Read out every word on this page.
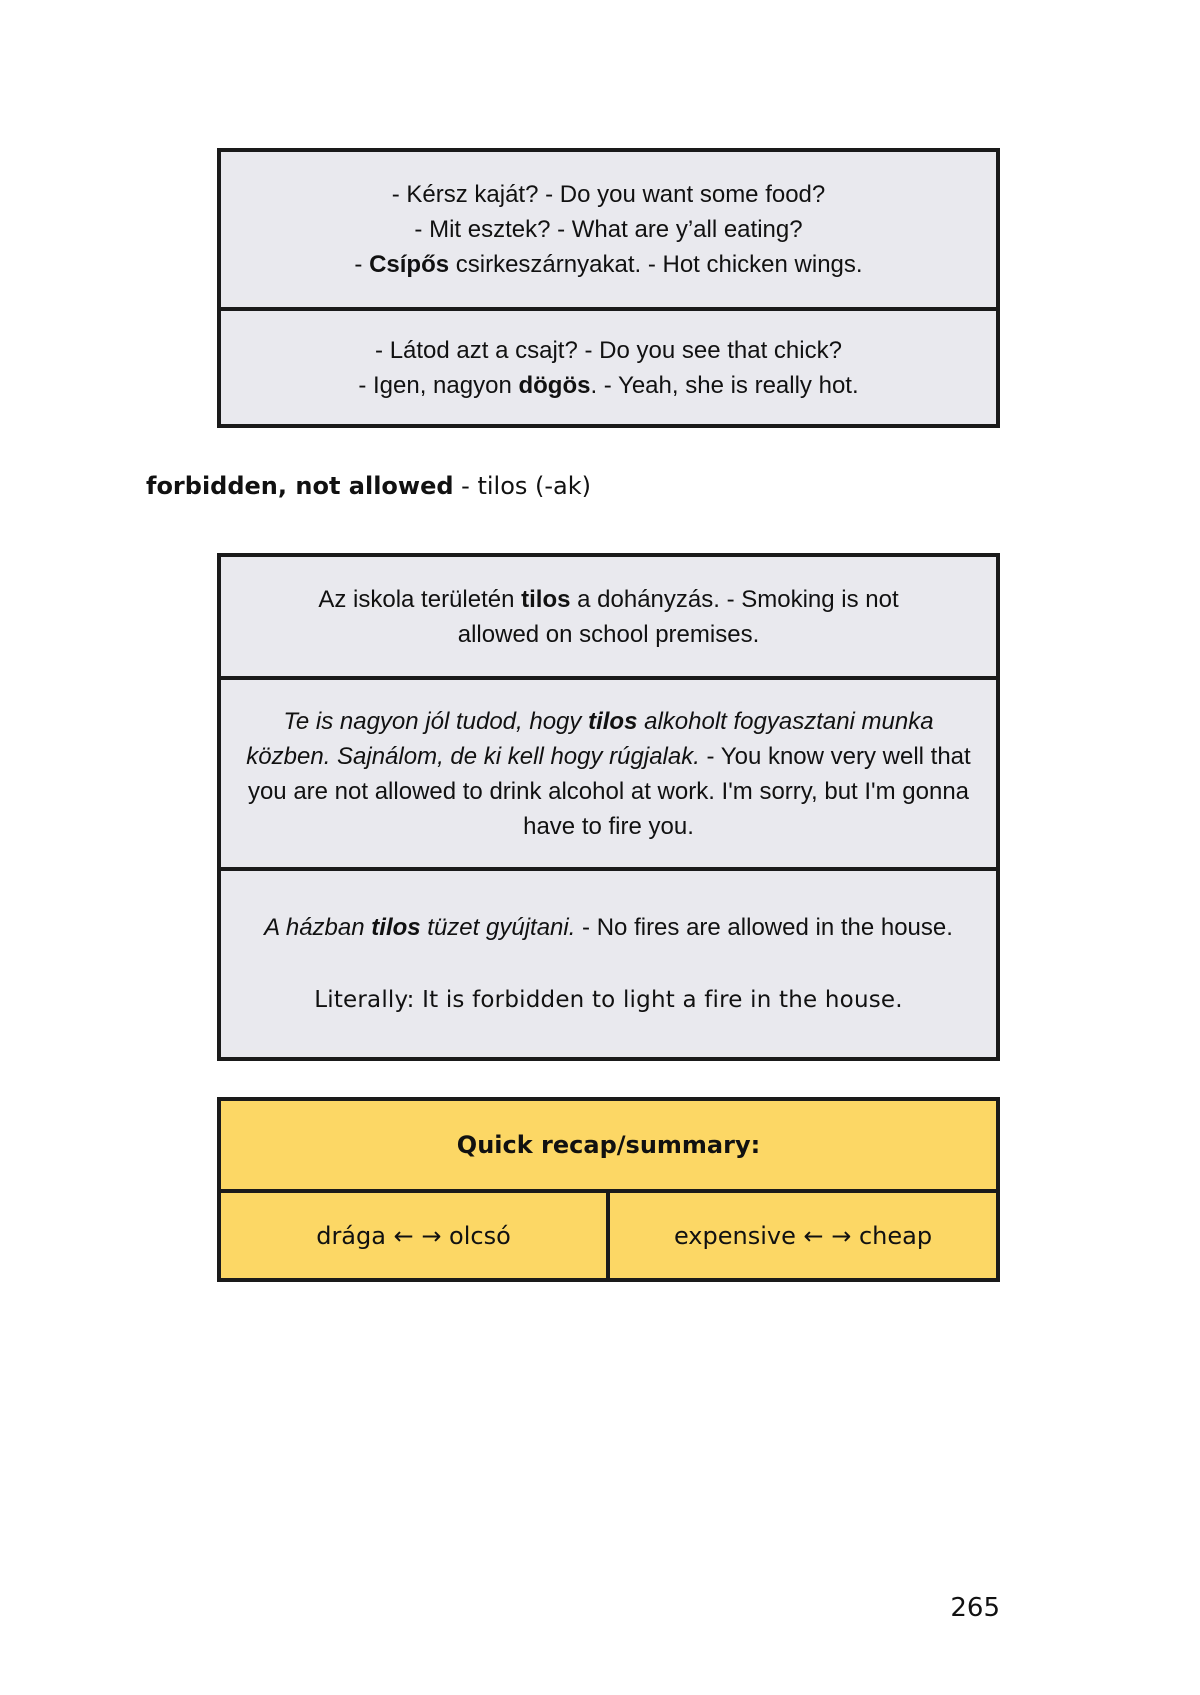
- Kérsz kaját? - Do you want some food?
- Mit esztek? - What are y’all eating?
- Csípős csirkeszárnyakat. - Hot chicken wings.
- Látod azt a csajt? - Do you see that chick?
- Igen, nagyon dögös. - Yeah, she is really hot.
forbidden, not allowed - tilos (-ak)
Az iskola területén tilos a dohányzás. - Smoking is not allowed on school premises.
Te is nagyon jól tudod, hogy tilos alkoholt fogyasztani munka közben. Sajnálom, de ki kell hogy rúgjalak. - You know very well that you are not allowed to drink alcohol at work. I'm sorry, but I'm gonna have to fire you.
A házban tilos tüzet gyújtani. - No fires are allowed in the house.
Literally: It is forbidden to light a fire in the house.
Quick recap/summary:
drága ← → olcsó	expensive ← → cheap
265
